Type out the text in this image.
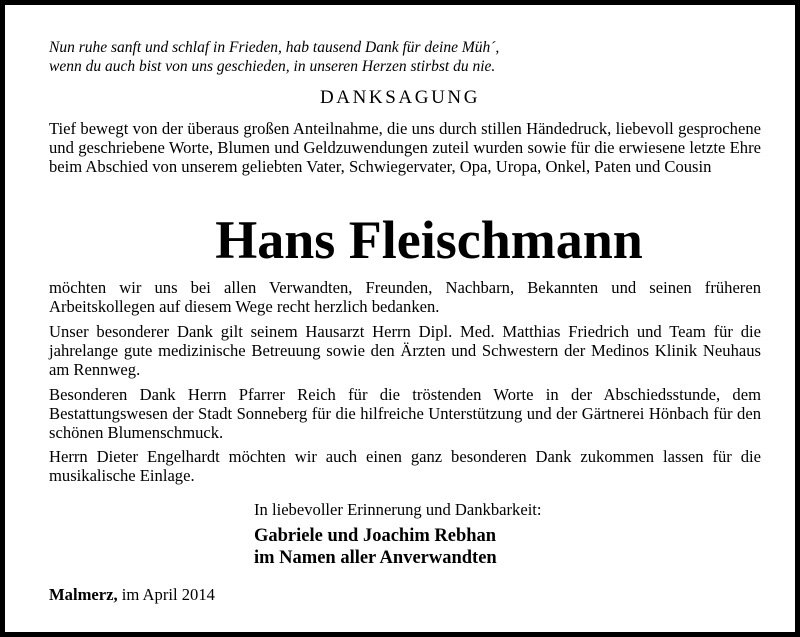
Nun ruhe sanft und schlaf in Frieden, hab tausend Dank für deine Müh´,
wenn du auch bist von uns geschieden, in unseren Herzen stirbst du nie.
DANKSAGUNG
Tief bewegt von der überaus großen Anteilnahme, die uns durch stillen Händedruck, liebevoll gesprochene und geschriebene Worte, Blumen und Geldzuwendungen zuteil wurden sowie für die erwiesene letzte Ehre beim Abschied von unserem geliebten Vater, Schwiegervater, Opa, Uropa, Onkel, Paten und Cousin
Hans Fleischmann
möchten wir uns bei allen Verwandten, Freunden, Nachbarn, Bekannten und seinen früheren Arbeitskollegen auf diesem Wege recht herzlich bedanken.
Unser besonderer Dank gilt seinem Hausarzt Herrn Dipl. Med. Matthias Friedrich und Team für die jahrelange gute medizinische Betreuung sowie den Ärzten und Schwestern der Medinos Klinik Neuhaus am Rennweg.
Besonderen Dank Herrn Pfarrer Reich für die tröstenden Worte in der Abschiedsstunde, dem Bestattungswesen der Stadt Sonneberg für die hilfreiche Unterstützung und der Gärtnerei Hönbach für den schönen Blumenschmuck.
Herrn Dieter Engelhardt möchten wir auch einen ganz besonderen Dank zukommen lassen für die musikalische Einlage.
In liebevoller Erinnerung und Dankbarkeit:
Gabriele und Joachim Rebhan
im Namen aller Anverwandten
Malmerz, im April 2014
